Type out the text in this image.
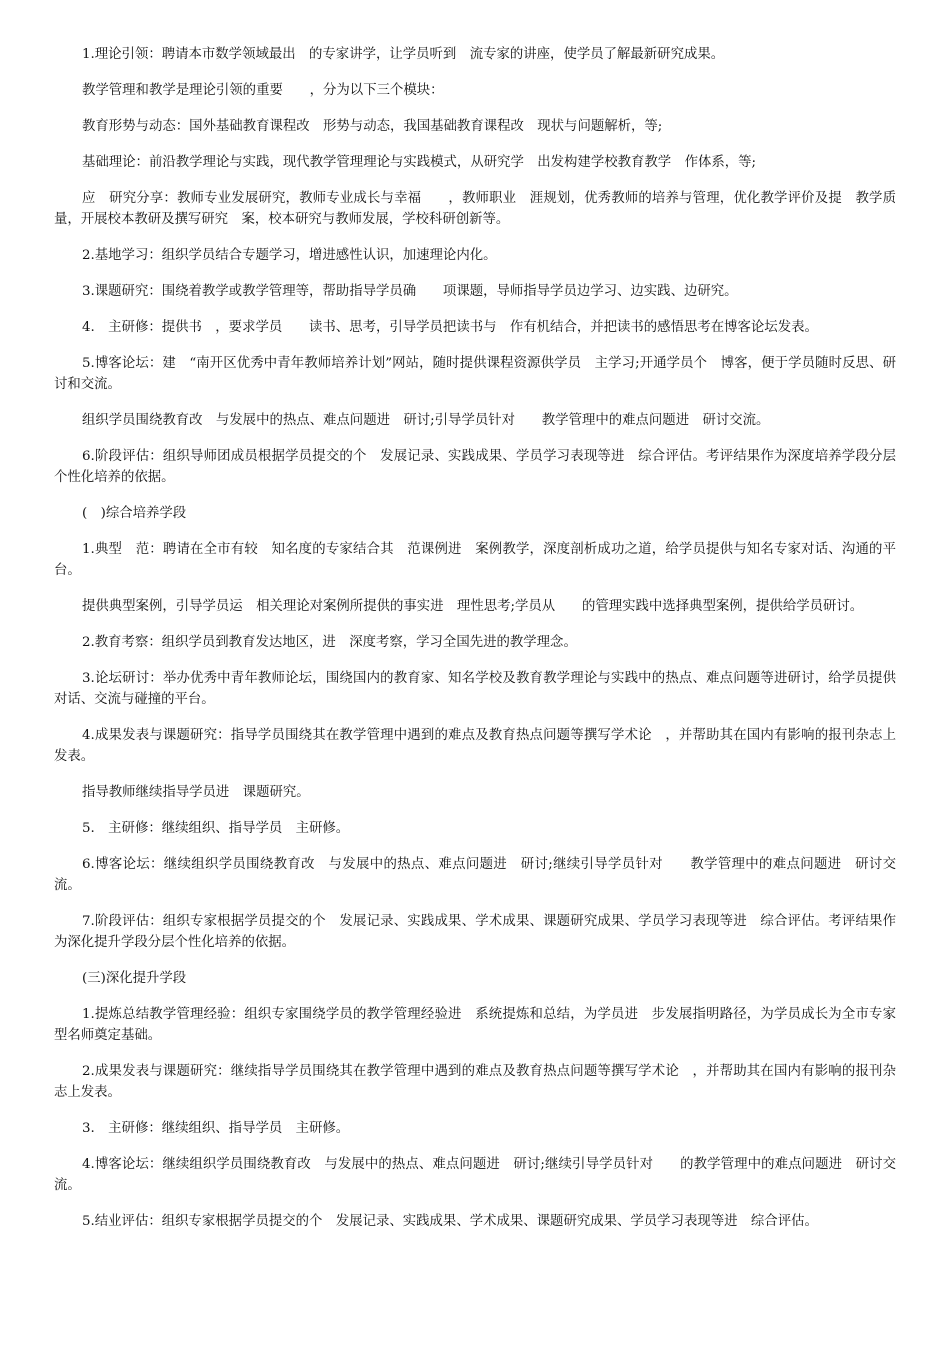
1.理论引领：聘请本市数学领域最出　的专家讲学，让学员听到　流专家的讲座，使学员了解最新研究成果。

教学管理和教学是理论引领的重要　　，分为以下三个模块：

教育形势与动态：国外基础教育课程改　形势与动态，我国基础教育课程改　现状与问题解析，等;

基础理论：前沿教学理论与实践，现代教学管理理论与实践模式，从研究学　出发构建学校教育教学　作体系，等;

应　研究分享：教师专业发展研究，教师专业成长与幸福　　，教师职业　涯规划，优秀教师的培养与管理，优化教学评价及提　教学质量，开展校本教研及撰写研究　案，校本研究与教师发展，学校科研创新等。

2.基地学习：组织学员结合专题学习，增进感性认识，加速理论内化。

3.课题研究：围绕着教学或教学管理等，帮助指导学员确　　项课题，导师指导学员边学习、边实践、边研究。

4.　主研修：提供书　，要求学员　　读书、思考，引导学员把读书与　作有机结合，并把读书的感悟思考在博客论坛发表。

5.博客论坛：建　“南开区优秀中青年教师培养计划”网站，随时提供课程资源供学员　主学习;开通学员个　博客，便于学员随时反思、研讨和交流。

组织学员围绕教育改　与发展中的热点、难点问题进　研讨;引导学员针对　　教学管理中的难点问题进　研讨交流。

6.阶段评估：组织导师团成员根据学员提交的个　发展记录、实践成果、学员学习表现等进　综合评估。考评结果作为深度培养学段分层个性化培养的依据。

(　)综合培养学段

1.典型　范：聘请在全市有较　知名度的专家结合其　范课例进　案例教学，深度剖析成功之道，给学员提供与知名专家对话、沟通的平台。

提供典型案例，引导学员运　相关理论对案例所提供的事实进　理性思考;学员从　　的管理实践中选择典型案例，提供给学员研讨。

2.教育考察：组织学员到教育发达地区，进　深度考察，学习全国先进的教学理念。

3.论坛研讨：举办优秀中青年教师论坛，围绕国内的教育家、知名学校及教育教学理论与实践中的热点、难点问题等进研讨，给学员提供对话、交流与碰撞的平台。

4.成果发表与课题研究：指导学员围绕其在教学管理中遇到的难点及教育热点问题等撰写学术论　，并帮助其在国内有影响的报刊杂志上发表。

指导教师继续指导学员进　课题研究。

5.　主研修：继续组织、指导学员　主研修。

6.博客论坛：继续组织学员围绕教育改　与发展中的热点、难点问题进　研讨;继续引导学员针对　　教学管理中的难点问题进　研讨交流。

7.阶段评估：组织专家根据学员提交的个　发展记录、实践成果、学术成果、课题研究成果、学员学习表现等进　综合评估。考评结果作为深化提升学段分层个性化培养的依据。

(三)深化提升学段

1.提炼总结教学管理经验：组织专家围绕学员的教学管理经验进　系统提炼和总结，为学员进　步发展指明路径，为学员成长为全市专家型名师奠定基础。

2.成果发表与课题研究：继续指导学员围绕其在教学管理中遇到的难点及教育热点问题等撰写学术论　，并帮助其在国内有影响的报刊杂志上发表。

3.　主研修：继续组织、指导学员　主研修。

4.博客论坛：继续组织学员围绕教育改　与发展中的热点、难点问题进　研讨;继续引导学员针对　　的教学管理中的难点问题进　研讨交流。

5.结业评估：组织专家根据学员提交的个　发展记录、实践成果、学术成果、课题研究成果、学员学习表现等进　综合评估。
